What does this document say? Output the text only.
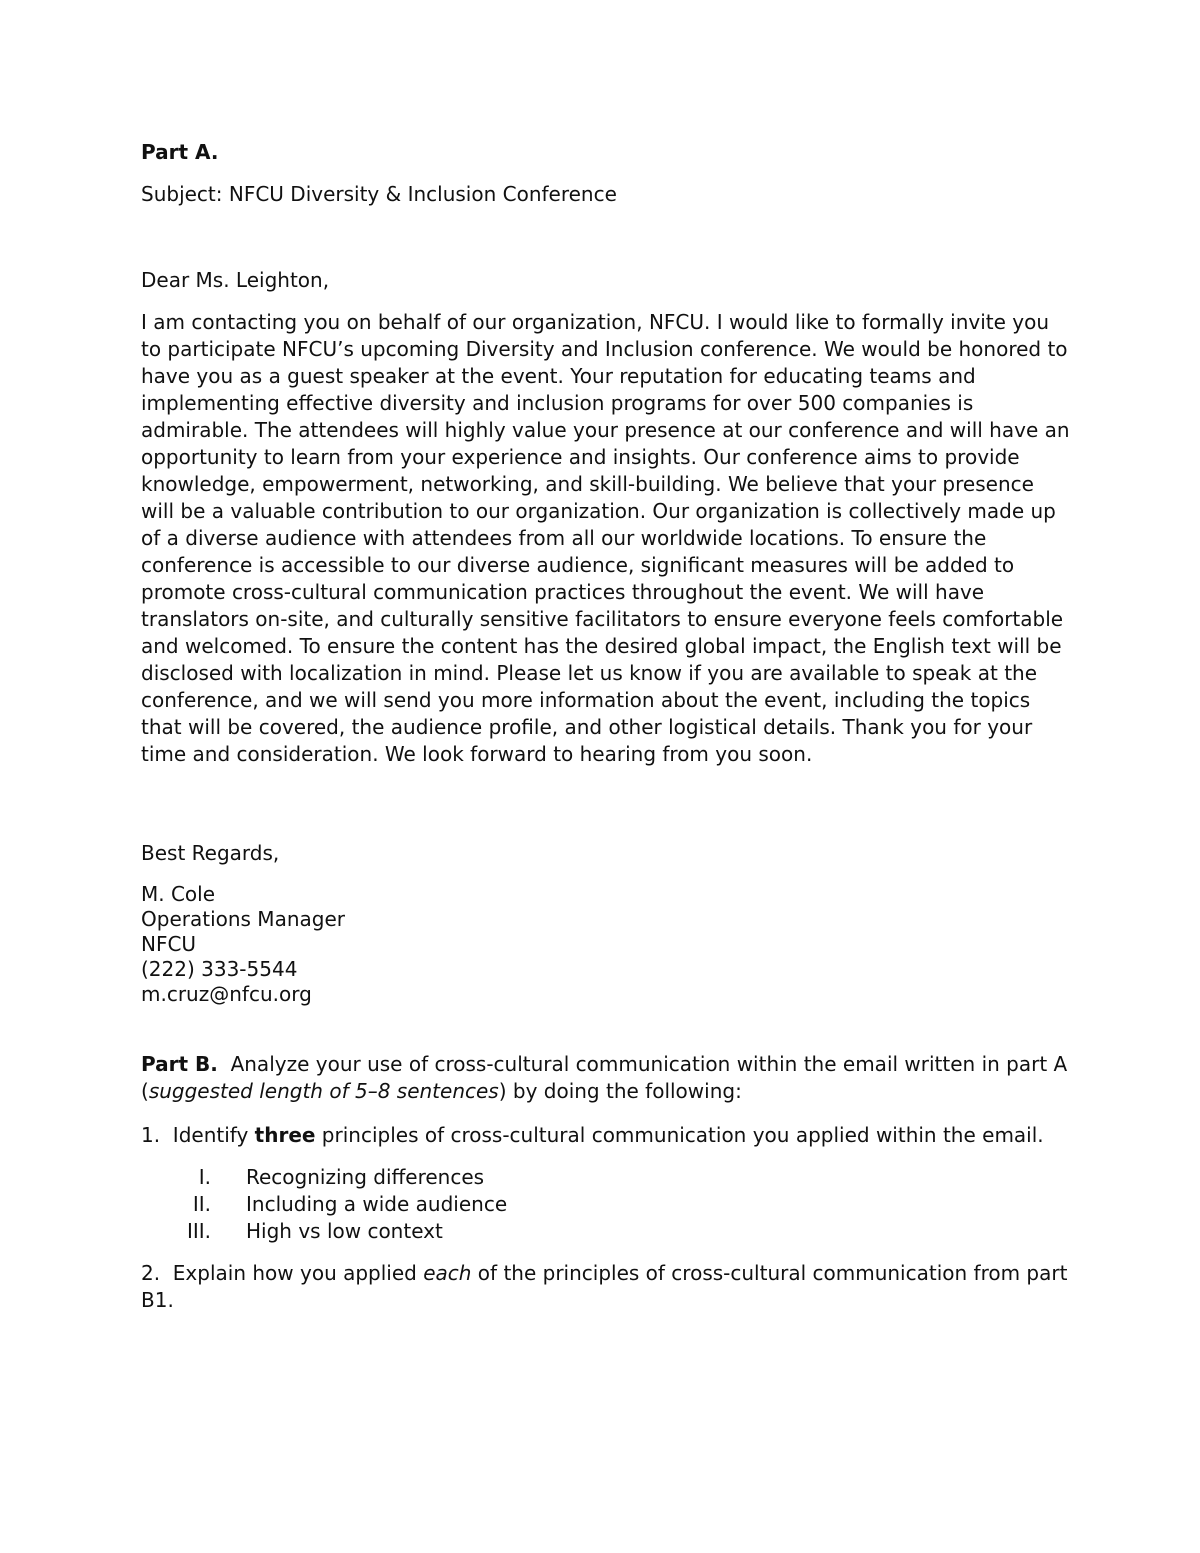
Part A.

Subject: NFCU Diversity & Inclusion Conference

Dear Ms. Leighton,

I am contacting you on behalf of our organization, NFCU. I would like to formally invite you to participate NFCU’s upcoming Diversity and Inclusion conference. We would be honored to have you as a guest speaker at the event. Your reputation for educating teams and implementing effective diversity and inclusion programs for over 500 companies is admirable. The attendees will highly value your presence at our conference and will have an opportunity to learn from your experience and insights. Our conference aims to provide knowledge, empowerment, networking, and skill-building. We believe that your presence will be a valuable contribution to our organization. Our organization is collectively made up of a diverse audience with attendees from all our worldwide locations. To ensure the conference is accessible to our diverse audience, significant measures will be added to promote cross-cultural communication practices throughout the event. We will have translators on-site, and culturally sensitive facilitators to ensure everyone feels comfortable and welcomed. To ensure the content has the desired global impact, the English text will be disclosed with localization in mind. Please let us know if you are available to speak at the conference, and we will send you more information about the event, including the topics that will be covered, the audience profile, and other logistical details. Thank you for your time and consideration. We look forward to hearing from you soon.

Best Regards,

M. Cole

Operations Manager

NFCU

(222) 333-5544

m.cruz@nfcu.org

Part B.  Analyze your use of cross-cultural communication within the email written in part A (suggested length of 5–8 sentences) by doing the following:

1.  Identify three principles of cross-cultural communication you applied within the email.

I.	Recognizing differences
II.	Including a wide audience
III.	High vs low context

2.  Explain how you applied each of the principles of cross-cultural communication from part B1.
